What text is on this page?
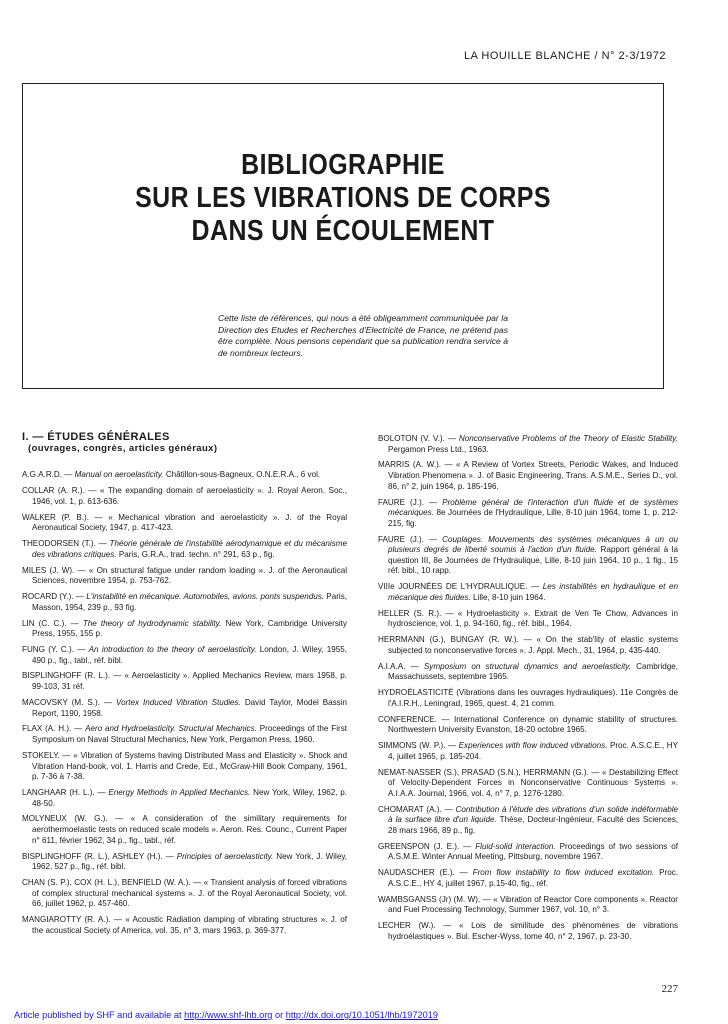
LA HOUILLE BLANCHE / N° 2-3/1972
BIBLIOGRAPHIE
SUR LES VIBRATIONS DE CORPS
DANS UN ÉCOULEMENT
Cette liste de références, qui nous a été obligeamment communiquée par la Direction des Etudes et Recherches d'Electricité de France, ne prétend pas être complète. Nous pensons cependant que sa publication rendra service à de nombreux lecteurs.
I. — ÉTUDES GÉNÉRALES
(ouvrages, congrès, articles généraux)
A.G.A.R.D. — Manual on aeroelasticity. Châtillon-sous-Bagneux, O.N.E.R.A., 6 vol.
COLLAR (A. R.). — « The expanding domain of aeroelasticity ». J. Royal Aeron. Soc., 1946, vol. 1, p. 613-636.
WALKER (P. B.). — « Mechanical vibration and aeroelasticity ». J. of the Royal Aeronautical Society, 1947, p. 417-423.
THEODORSEN (T.). — Théorie générale de l'instabilité aérodynamique et du mécanisme des vibrations critiques. Paris, G.R.A., trad. techn. n° 291, 63 p., fig.
MILES (J. W). — « On structural fatigue under random loading ». J. of the Aeronautical Sciences, novembre 1954, p. 753-762.
ROCARD (Y.). — L'instabilité en mécanique. Automobiles, avions. ponts suspendus. Paris, Masson, 1954, 239 p., 93 fig.
LIN (C. C.). — The theory of hydrodynamic stability. New York, Cambridge University Press, 1955, 155 p.
FUNG (Y. C.). — An introduction to the theory of aeroelasticity. London, J. Wiley, 1955, 490 p., fig., tabl., réf. bibl.
BISPLINGHOFF (R. L.). — « Aeroelasticity ». Applied Mechanics Review, mars 1958, p. 99-103, 31 réf.
MACOVSKY (M. S.). — Vortex Induced Vibration Studies. David Taylor, Model Bassin Report, 1190, 1958.
FLAX (A. H.). — Aero and Hydroelasticity. Structural Mechanics. Proceedings of the First Symposium on Naval Structural Mechanics, New York, Pergamon Press, 1960.
STOKELY. — « Vibration of Systems having Distributed Mass and Elasticity ». Shock and Vibration Hand-book, vol. 1. Harris and Crede, Ed., McGraw-Hill Book Company, 1961, p. 7-36 à 7-38.
LANGHAAR (H. L.). — Energy Methods in Applied Mechanics. New York, Wiley, 1962, p. 48-50.
MOLYNEUX (W. G.). — « A consideration of the similitary requirements for aerothermoelastic tests on reduced scale models ». Aeron. Res. Counc., Current Paper n° 611, février 1962, 34 p., fig., tabl., réf.
BISPLINGHOFF (R. L.), ASHLEY (H.). — Principles of aeroelasticity. New York, J. Wiley, 1962, 527 p., fig., réf. bibl.
CHAN (S. P.), COX (H. L.), BENFIELD (W. A.). — « Transient analysis of forced vibrations of complex structural mechanical systems ». J. of the Royal Aeronautical Society, vol. 66, juillet 1962, p. 457-460.
MANGIAROTTY (R. A.). — « Acoustic Radiation damping of vibrating structures ». J. of the acoustical Society of America, vol. 35, n° 3, mars 1963, p. 369-377.
BOLOTON (V. V.). — Nonconservative Problems of the Theory of Elastic Stability. Pergamon Press Ltd., 1963.
MARRIS (A. W.). — « A Review of Vortex Streets, Periodic Wakes, and Induced Vibration Phenomena ». J. of Basic Engineering, Trans. A.S.M.E., Series D., vol. 86, n° 2, juin 1964, p. 185-196.
FAURE (J.). — Problème général de l'interaction d'un fluide et de systèmes mécaniques. 8e Journées de l'Hydraulique, Lille, 8-10 juin 1964, tome 1, p. 212-215, fig.
FAURE (J.). — Couplages. Mouvements des systèmes mécaniques à un ou plusieurs degrés de liberté soumis à l'action d'un fluide. Rapport général à la question III, 8e Journées de l'Hydraulique, Lille, 8-10 juin 1964, 10 p., 1 fig., 15 réf. bibl., 10 rapp.
VIIIe JOURNÉES DE L'HYDRAULIQUE. — Les instabilités en hydraulique et en mécanique des fluides. Lille, 8-10 juin 1964.
HELLER (S. R.). — « Hydroelasticity ». Extrait de Ven Te Chow, Advances in hydroscience, vol. 1, p. 94-160, fig., réf. bibl., 1964.
HERRMANN (G.), BUNGAY (R. W.). — « On the stab'lity of elastic systems subjected to nonconservative forces ». J. Appl. Mech., 31, 1964, p. 435-440.
A.I.A.A. — Symposium on structural dynamics and aeroelasticity. Cambridge, Massachussets, septembre 1965.
HYDROÉLASTICITÉ (Vibrations dans les ouvrages hydrauliques). 11e Congrès de l'A.I.R.H., Leningrad, 1965, quest. 4, 21 comm.
CONFERENCE. — International Conference on dynamic stability of structures. Northwestern University Evanston, 18-20 octobre 1965.
SIMMONS (W. P.). — Experiences with flow induced vibrations. Proc. A.S.C.E., HY 4, juillet 1965, p. 185-204.
NEMAT-NASSER (S.), PRASAD (S.N.), HERRMANN (G.). — « Destabilizing Effect of Velocity-Dependent Forces in Nonconservative Continuous Systems ». A.I.A.A. Journal, 1966, vol. 4, n° 7, p. 1276-1280.
CHOMARAT (A.). — Contribution à l'étude des vibrations d'un solide indéformable à la surface libre d'un liquide. Thèse, Docteur-Ingénieur, Faculté des Sciences, 28 mars 1966, 89 p., fig.
GREENSPON (J. E.). — Fluid-solid interaction. Proceedings of two sessions of A.S.M.E. Winter Annual Meeting, Pittsburg, novembre 1967.
NAUDASCHER (E.). — From flow instability to flow induced excitation. Proc. A.S.C.E., HY 4, juillet 1967, p.15-40, fig., réf.
WAMBSGANSS (Jr) (M. W). — « Vibration of Reactor Core components ». Reactor and Fuel Processing Technology, Summer 1967, vol. 10, n° 3.
LECHER (W.). — « Lois de similitude des phénomènes de vibrations hydroélastiques ». Bul. Escher-Wyss, tome 40, n° 2, 1967, p. 23-30.
227
Article published by SHF and available at http://www.shf-lhb.org or http://dx.doi.org/10.1051/lhb/1972019
